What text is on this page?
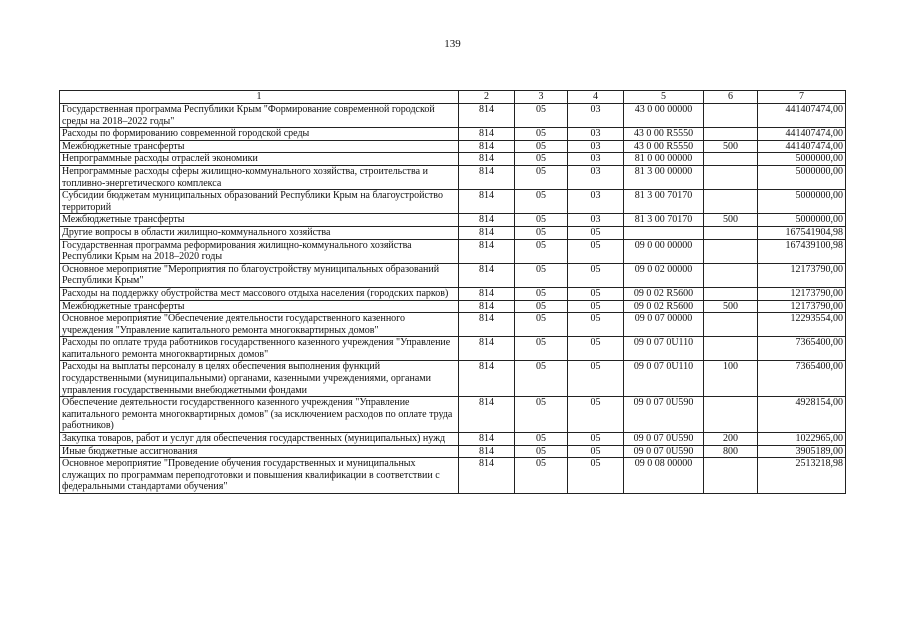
139
1	2	3	4	5	6	7
Государственная программа Республики Крым "Формирование современной городской среды на 2018–2022 годы"	814	05	03	43 0 00 00000		441407474,00
Расходы по формированию современной городской среды	814	05	03	43 0 00 R5550		441407474,00
Межбюджетные трансферты	814	05	03	43 0 00 R5550	500	441407474,00
Непрограммные расходы отраслей экономики	814	05	03	81 0 00 00000		5000000,00
Непрограммные расходы сферы жилищно-коммунального хозяйства, строительства и топливно-энергетического комплекса	814	05	03	81 3 00 00000		5000000,00
Субсидии бюджетам муниципальных образований Республики Крым на благоустройство территорий	814	05	03	81 3 00 70170		5000000,00
Межбюджетные трансферты	814	05	03	81 3 00 70170	500	5000000,00
Другие вопросы в области жилищно-коммунального хозяйства	814	05	05			167541904,98
Государственная программа реформирования жилищно-коммунального хозяйства Республики Крым на 2018–2020 годы	814	05	05	09 0 00 00000		167439100,98
Основное мероприятие "Мероприятия по благоустройству муниципальных образований Республики Крым"	814	05	05	09 0 02 00000		12173790,00
Расходы на поддержку обустройства мест массового отдыха населения (городских парков)	814	05	05	09 0 02 R5600		12173790,00
Межбюджетные трансферты	814	05	05	09 0 02 R5600	500	12173790,00
Основное мероприятие "Обеспечение деятельности государственного казенного учреждения "Управление капитального ремонта многоквартирных домов"	814	05	05	09 0 07 00000		12293554,00
Расходы по оплате труда работников государственного казенного учреждения "Управление капитального ремонта многоквартирных домов"	814	05	05	09 0 07 0U110		7365400,00
Расходы на выплаты персоналу в целях обеспечения выполнения функций государственными (муниципальными) органами, казенными учреждениями, органами управления государственными внебюджетными фондами	814	05	05	09 0 07 0U110	100	7365400,00
Обеспечение деятельности государственного казенного учреждения "Управление капитального ремонта многоквартирных домов" (за исключением расходов по оплате труда работников)	814	05	05	09 0 07 0U590		4928154,00
Закупка товаров, работ и услуг для обеспечения государственных (муниципальных) нужд	814	05	05	09 0 07 0U590	200	1022965,00
Иные бюджетные ассигнования	814	05	05	09 0 07 0U590	800	3905189,00
Основное мероприятие "Проведение обучения государственных и муниципальных служащих по программам переподготовки и повышения квалификации в соответствии с федеральными стандартами обучения"	814	05	05	09 0 08 00000		2513218,98
